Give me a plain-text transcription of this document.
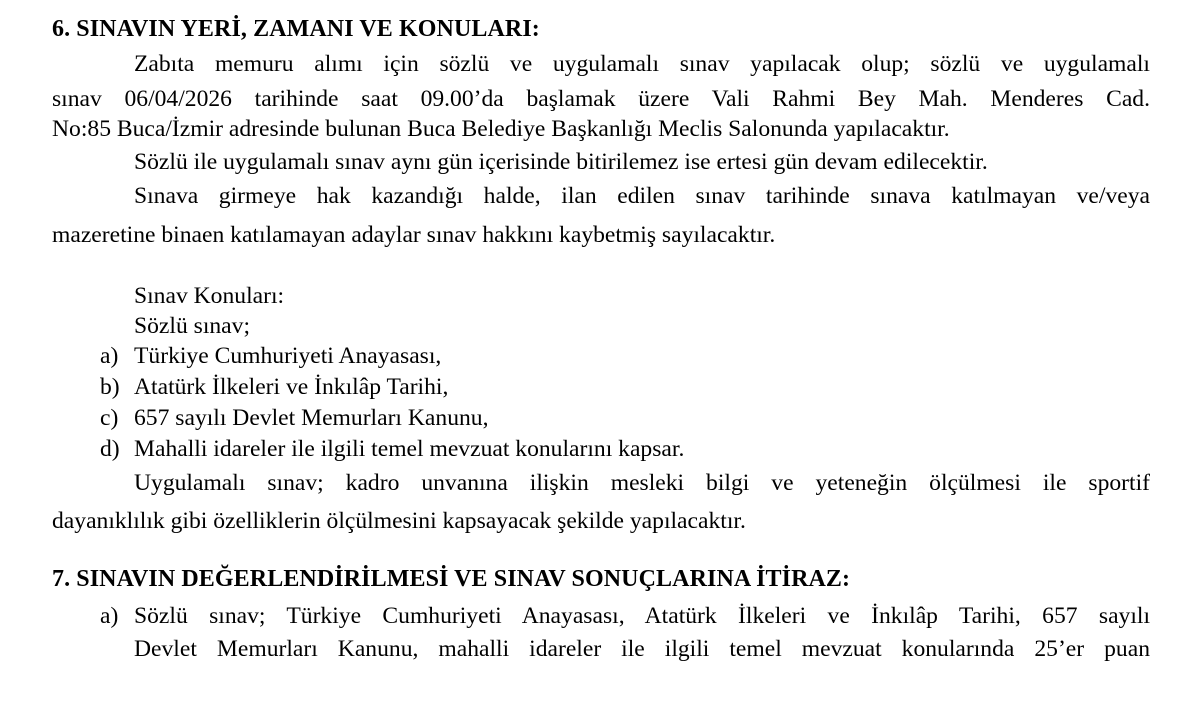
6. SINAVIN YERİ, ZAMANI VE KONULARI:
Zabıta memuru alımı için sözlü ve uygulamalı sınav yapılacak olup; sözlü ve uygulamalı
sınav 06/04/2026 tarihinde saat 09.00’da başlamak üzere Vali Rahmi Bey Mah. Menderes Cad.
No:85 Buca/İzmir adresinde bulunan Buca Belediye Başkanlığı Meclis Salonunda yapılacaktır.
Sözlü ile uygulamalı sınav aynı gün içerisinde bitirilemez ise ertesi gün devam edilecektir.
Sınava girmeye hak kazandığı halde, ilan edilen sınav tarihinde sınava katılmayan ve/veya
mazeretine binaen katılamayan adaylar sınav hakkını kaybetmiş sayılacaktır.
Sınav Konuları:
Sözlü sınav;
a) Türkiye Cumhuriyeti Anayasası,
b) Atatürk İlkeleri ve İnkılâp Tarihi,
c) 657 sayılı Devlet Memurları Kanunu,
d) Mahalli idareler ile ilgili temel mevzuat konularını kapsar.
Uygulamalı sınav; kadro unvanına ilişkin mesleki bilgi ve yeteneğin ölçülmesi ile sportif
dayanıklılık gibi özelliklerin ölçülmesini kapsayacak şekilde yapılacaktır.
7. SINAVIN DEĞERLENDİRİLMESİ VE SINAV SONUÇLARINA İTİRAZ:
a) Sözlü sınav; Türkiye Cumhuriyeti Anayasası, Atatürk İlkeleri ve İnkılâp Tarihi, 657 sayılı
Devlet Memurları Kanunu, mahalli idareler ile ilgili temel mevzuat konularında 25’er puan
